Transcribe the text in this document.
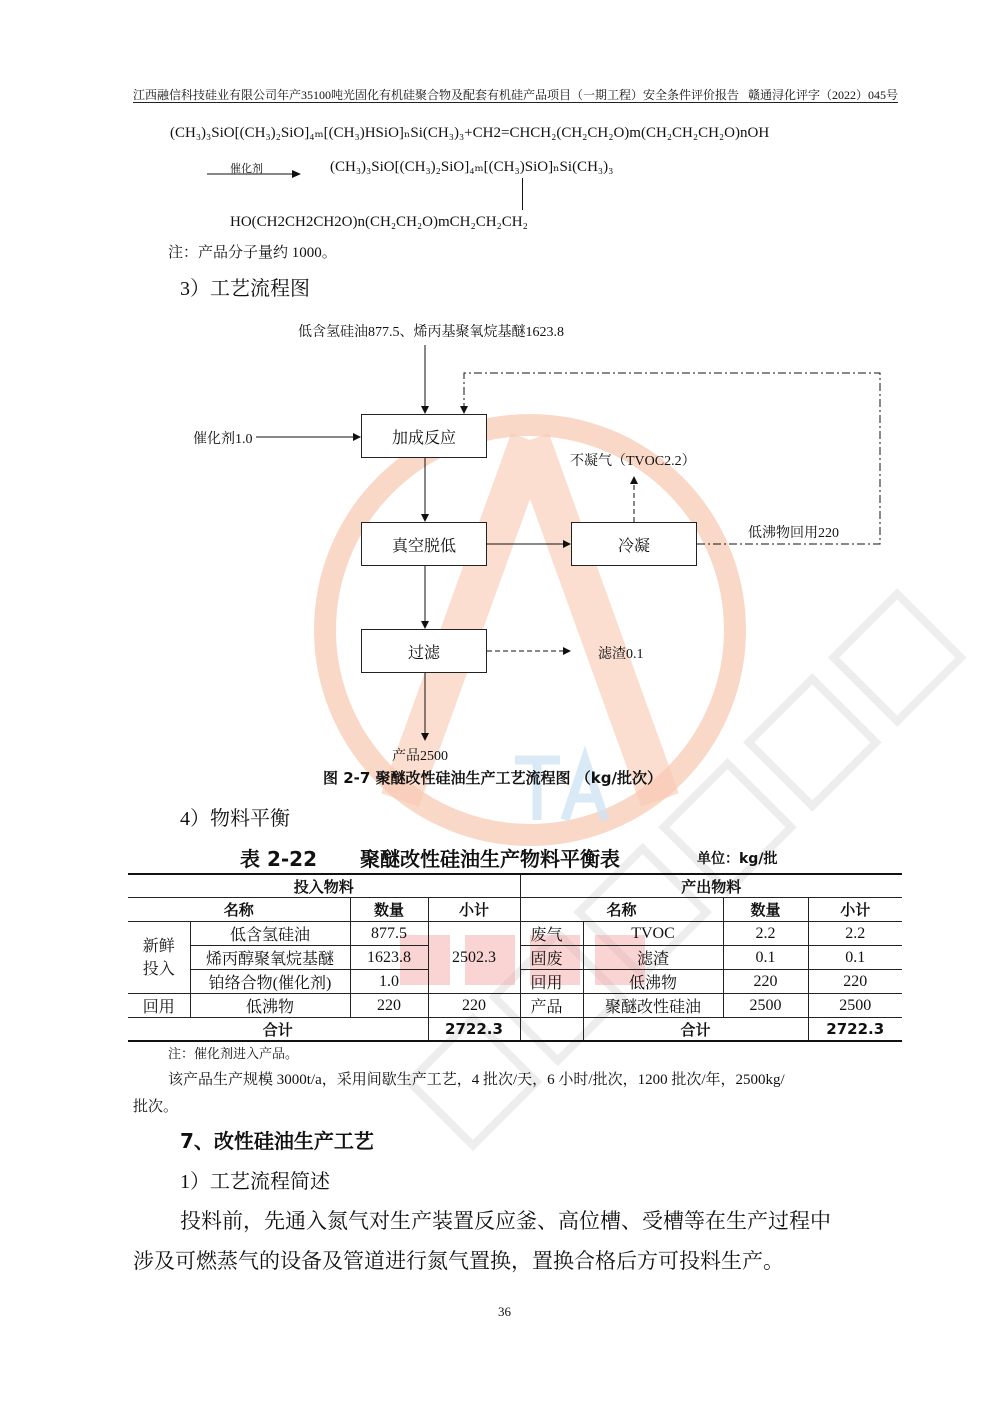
江西融信科技硅业有限公司年产35100吨光固化有机硅聚合物及配套有机硅产品项目（一期工程）安全条件评价报告 赣通浔化评字（2022）045号
(CH₃)₃SiO[(CH₃)₂SiO]₄ₘ[(CH₃)HSiO]ₙSi(CH₃)₃+CH2=CHCH₂(CH₂CH₂O)m(CH₂CH₂CH₂O)nOH
催化剂	(CH₃)₃SiO[(CH₃)₂SiO]₄ₘ[(CH₃)SiO]ₙSi(CH₃)₃
HO(CH2CH2CH2O)n(CH₂CH₂O)mCH₂CH₂CH₂
注：产品分子量约 1000。
3）工艺流程图
低含氢硅油877.5、烯丙基聚氧烷基醚1623.8
催化剂1.0	加成反应
真空脱低	冷凝
过滤
不凝气（TVOC2.2）
低沸物回用220
滤渣0.1
产品2500
图 2-7 聚醚改性硅油生产工艺流程图 （kg/批次）
4）物料平衡
表 2-22 聚醚改性硅油生产物料平衡表	单位：kg/批
投入物料				产出物料			
名称		数量	小计	名称		数量	小计
新鲜投入	低含氢硅油	877.5	2502.3	废气	TVOC	2.2	2.2
	烯丙醇聚氧烷基醚	1623.8		固废	滤渣	0.1	0.1
	铂络合物(催化剂)	1.0		回用	低沸物	220	220
回用	低沸物	220	220	产品	聚醚改性硅油	2500	2500
合计			2722.3		合计		2722.3
注：催化剂进入产品。
该产品生产规模 3000t/a，采用间歇生产工艺，4 批次/天，6 小时/批次，1200 批次/年，2500kg/
批次。
7、改性硅油生产工艺
1）工艺流程简述
投料前，先通入氮气对生产装置反应釜、高位槽、受槽等在生产过程中
涉及可燃蒸气的设备及管道进行氮气置换，置换合格后方可投料生产。
36
